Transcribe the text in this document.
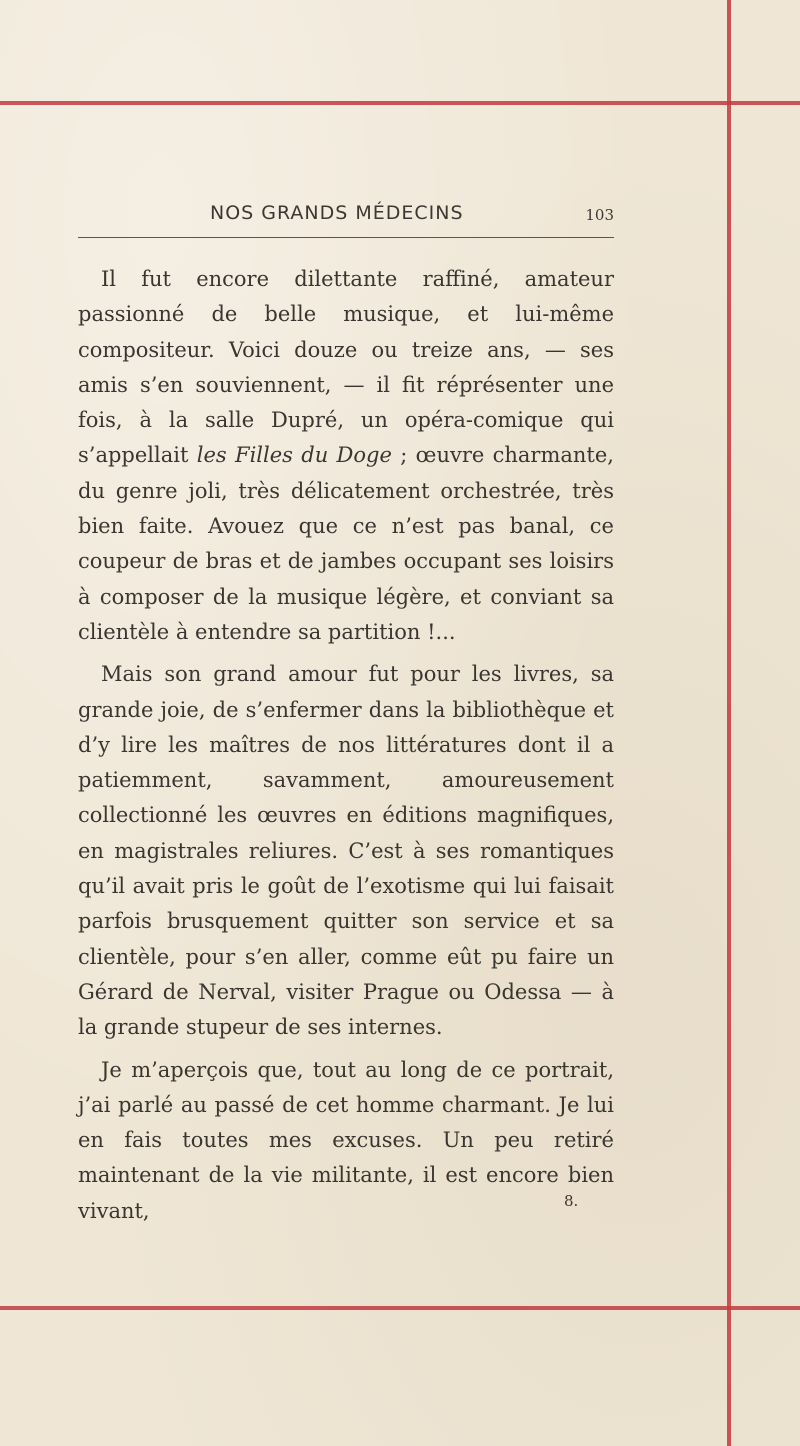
NOS GRANDS MÉDECINS	103

Il fut encore dilettante raffiné, amateur passionné de belle musique, et lui-même compositeur. Voici douze ou treize ans, — ses amis s’en souviennent, — il fit réprésenter une fois, à la salle Dupré, un opéra-comique qui s’appellait les Filles du Doge ; œuvre charmante, du genre joli, très délicatement orchestrée, très bien faite. Avouez que ce n’est pas banal, ce coupeur de bras et de jambes occupant ses loisirs à composer de la musique légère, et conviant sa clientèle à entendre sa partition !...

Mais son grand amour fut pour les livres, sa grande joie, de s’enfermer dans la bibliothèque et d’y lire les maîtres de nos littératures dont il a patiemment, savamment, amoureusement collectionné les œuvres en éditions magnifiques, en magistrales reliures. C’est à ses romantiques qu’il avait pris le goût de l’exotisme qui lui faisait parfois brusquement quitter son service et sa clientèle, pour s’en aller, comme eût pu faire un Gérard de Nerval, visiter Prague ou Odessa — à la grande stupeur de ses internes.

Je m’aperçois que, tout au long de ce portrait, j’ai parlé au passé de cet homme charmant. Je lui en fais toutes mes excuses. Un peu retiré maintenant de la vie militante, il est encore bien vivant,	8.
